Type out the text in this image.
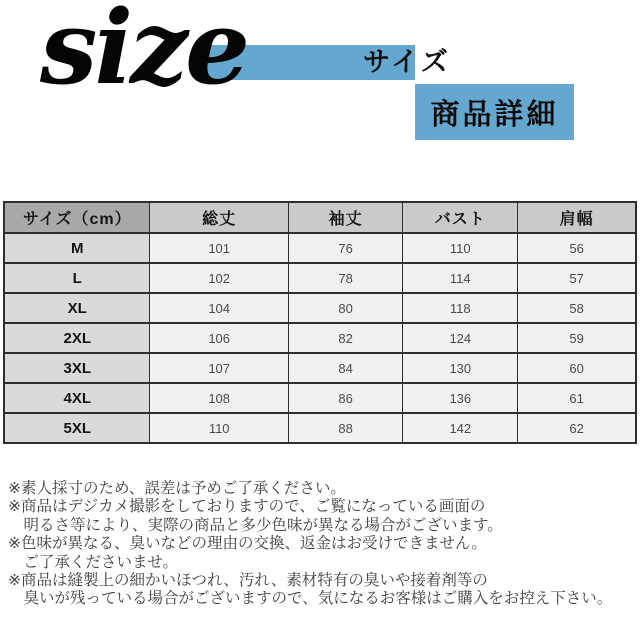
size	サイズ
商品詳細
サイズ（cm）	総丈	袖丈	バスト	肩幅
M	101	76	110	56
L	102	78	114	57
XL	104	80	118	58
2XL	106	82	124	59
3XL	107	84	130	60
4XL	108	86	136	61
5XL	110	88	142	62
※素人採寸のため、誤差は予めご了承ください。
※商品はデジカメ撮影をしておりますので、ご覧になっている画面の
　明るさ等により、実際の商品と多少色味が異なる場合がございます。
※色味が異なる、臭いなどの理由の交換、返金はお受けできません。
　ご了承くださいませ。
※商品は縫製上の細かいほつれ、汚れ、素材特有の臭いや接着剤等の
　臭いが残っている場合がございますので、気になるお客様はご購入をお控え下さい。
